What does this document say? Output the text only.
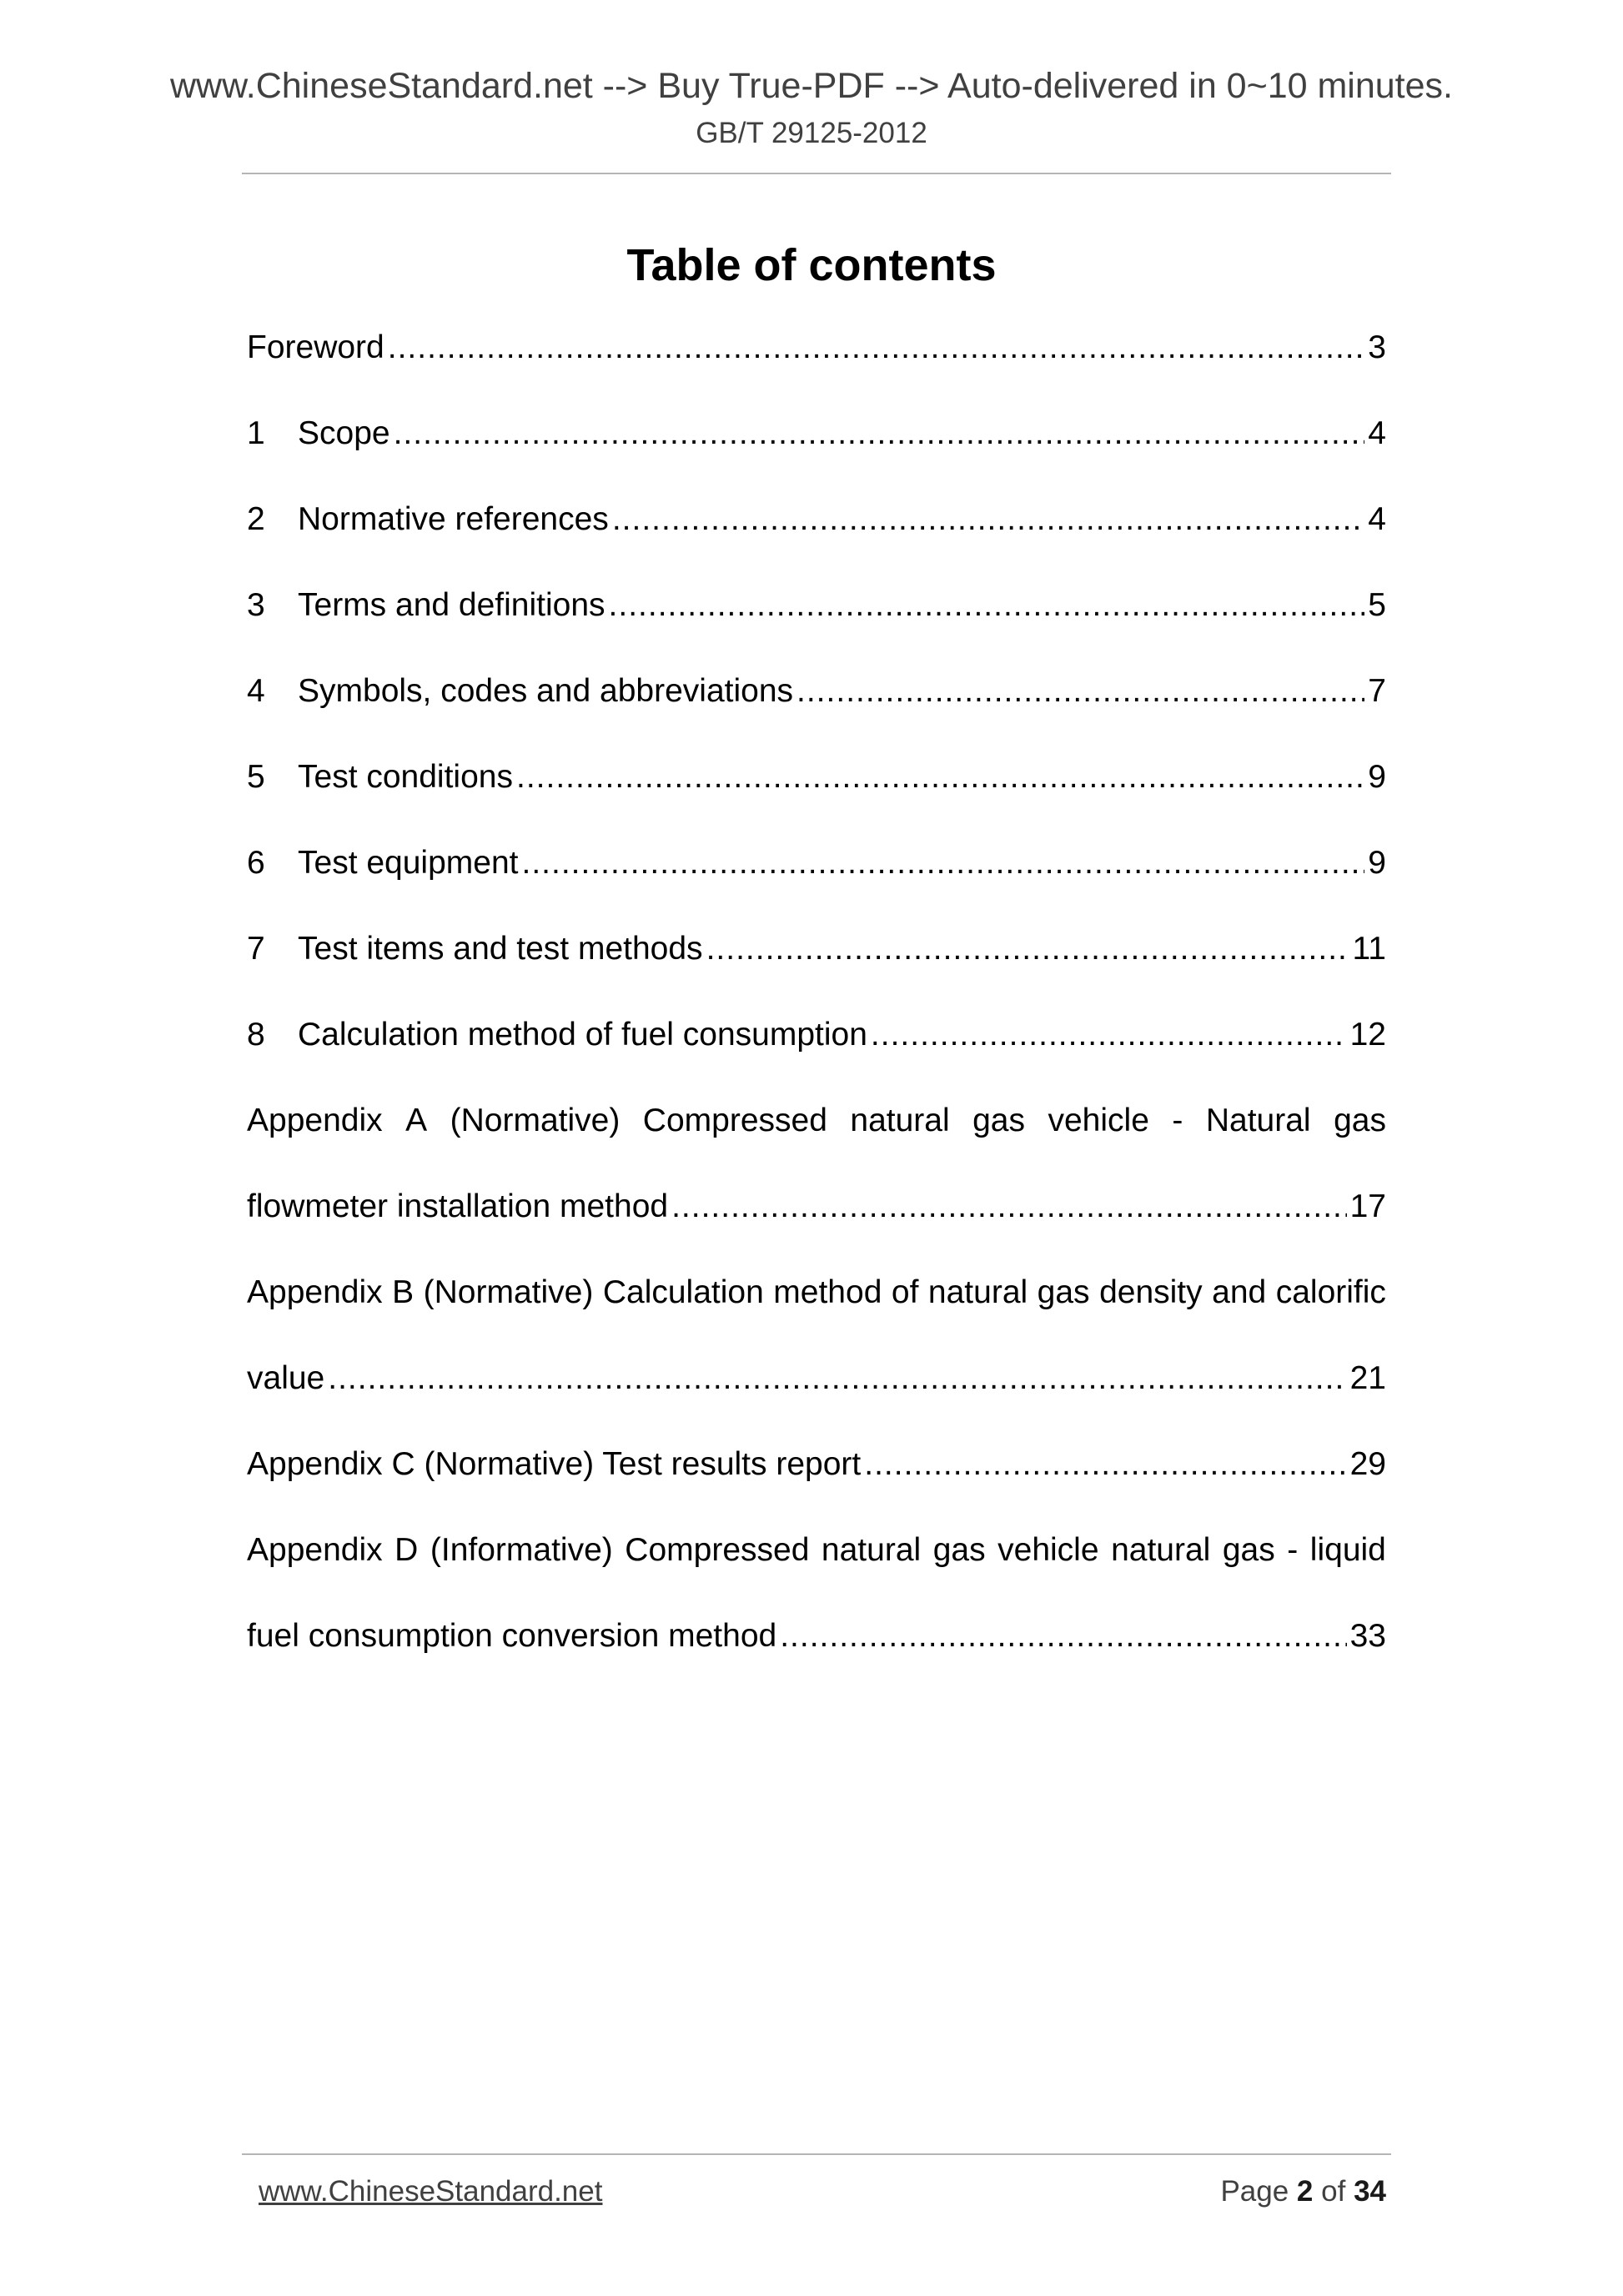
www.ChineseStandard.net --> Buy True-PDF --> Auto-delivered in 0~10 minutes.
GB/T 29125-2012
Table of contents
Foreword .....	3
1	Scope .....	4
2	Normative references .....	4
3	Terms and definitions .....	5
4	Symbols, codes and abbreviations .....	7
5	Test conditions .....	9
6	Test equipment .....	9
7	Test items and test methods .....	11
8	Calculation method of fuel consumption .....	12
Appendix A (Normative) Compressed natural gas vehicle - Natural gas
flowmeter installation method .....	17
Appendix B (Normative) Calculation method of natural gas density and calorific
value .....	21
Appendix C (Normative) Test results report .....	29
Appendix D (Informative) Compressed natural gas vehicle natural gas - liquid
fuel consumption conversion method .....	33
www.ChineseStandard.net	Page 2 of 34
